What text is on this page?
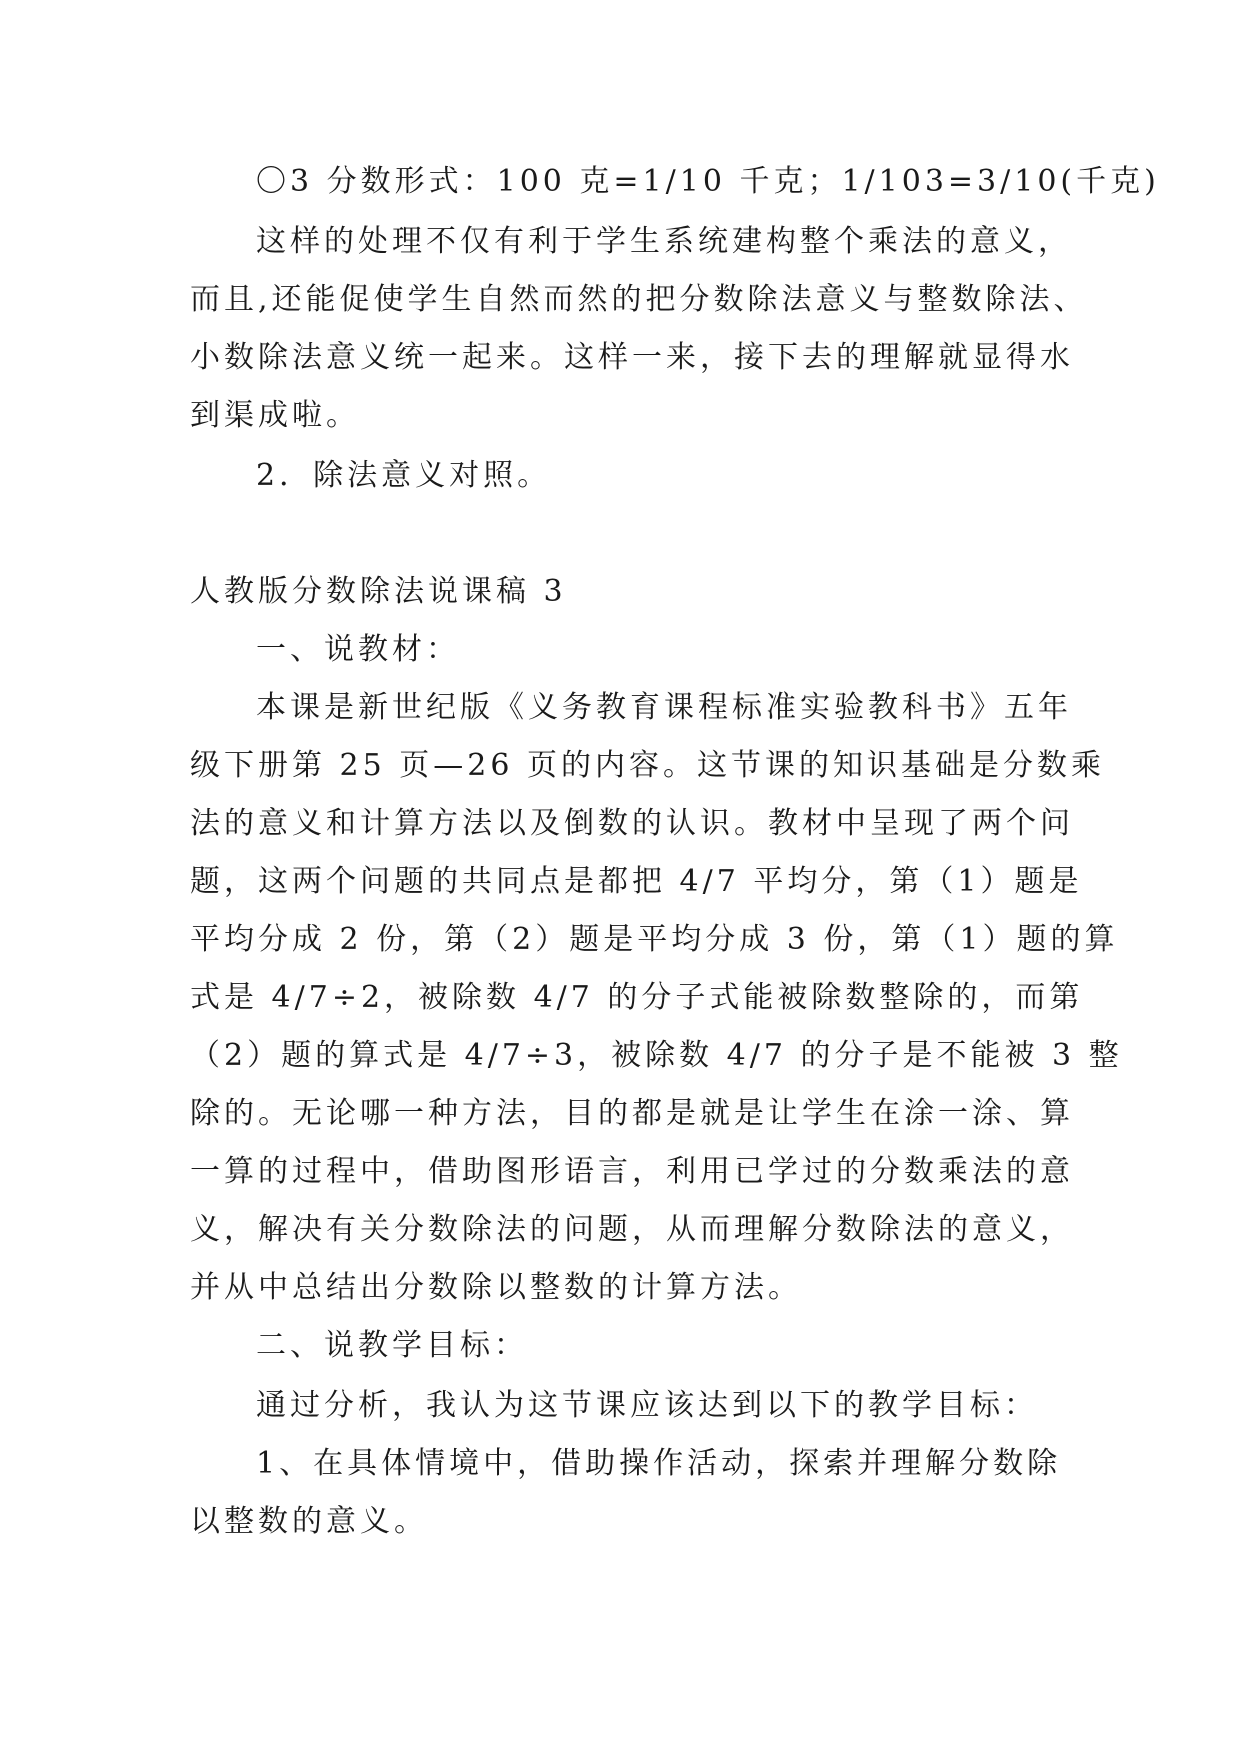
〇3 分数形式：100 克=1/10 千克；1/103=3/10(千克)
这样的处理不仅有利于学生系统建构整个乘法的意义，
而且,还能促使学生自然而然的把分数除法意义与整数除法、
小数除法意义统一起来。这样一来，接下去的理解就显得水
到渠成啦。
2．除法意义对照。
人教版分数除法说课稿 3
一、说教材：
本课是新世纪版《义务教育课程标准实验教科书》五年
级下册第 25 页—26 页的内容。这节课的知识基础是分数乘
法的意义和计算方法以及倒数的认识。教材中呈现了两个问
题，这两个问题的共同点是都把 4/7 平均分，第（1）题是
平均分成 2 份，第（2）题是平均分成 3 份，第（1）题的算
式是 4/7÷2，被除数 4/7 的分子式能被除数整除的，而第
（2）题的算式是 4/7÷3，被除数 4/7 的分子是不能被 3 整
除的。无论哪一种方法，目的都是就是让学生在涂一涂、算
一算的过程中，借助图形语言，利用已学过的分数乘法的意
义，解决有关分数除法的问题，从而理解分数除法的意义，
并从中总结出分数除以整数的计算方法。
二、说教学目标：
通过分析，我认为这节课应该达到以下的教学目标：
1、在具体情境中，借助操作活动，探索并理解分数除
以整数的意义。
